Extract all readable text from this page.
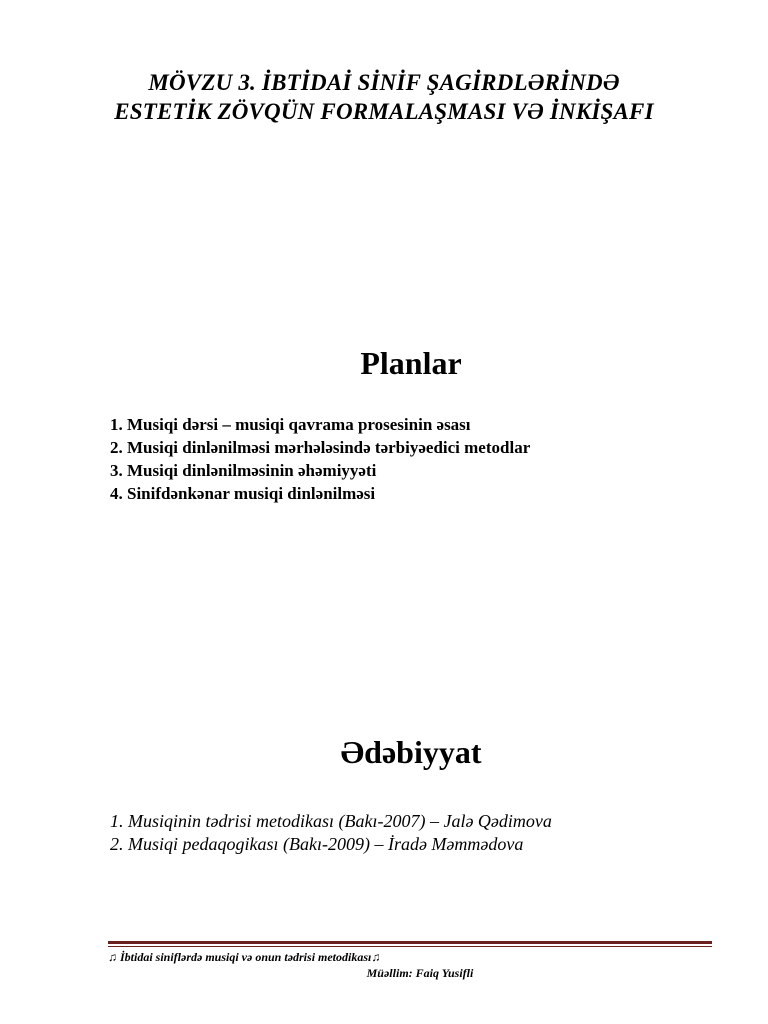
MÖVZU 3. İBTİDAİ SİNİF ŞAGİRDLƏRİNDƏ
ESTETİK ZÖVQÜN FORMALAŞMASI VƏ İNKİŞAFI
Planlar
1. Musiqi dərsi – musiqi qavrama prosesinin əsası
2. Musiqi dinlənilməsi mərhələsində tərbiyəedici metodlar
3. Musiqi dinlənilməsinin əhəmiyyəti
4. Sinifdənkənar musiqi dinlənilməsi
Ədəbiyyat
1. Musiqinin tədrisi metodikası (Bakı-2007) – Jalə Qədimova
2. Musiqi pedaqogikası (Bakı-2009) – İradə Məmmədova
♫ İbtidai siniflərdə musiqi və onun tədrisi metodikası♫
Müəllim: Faiq Yusifli
